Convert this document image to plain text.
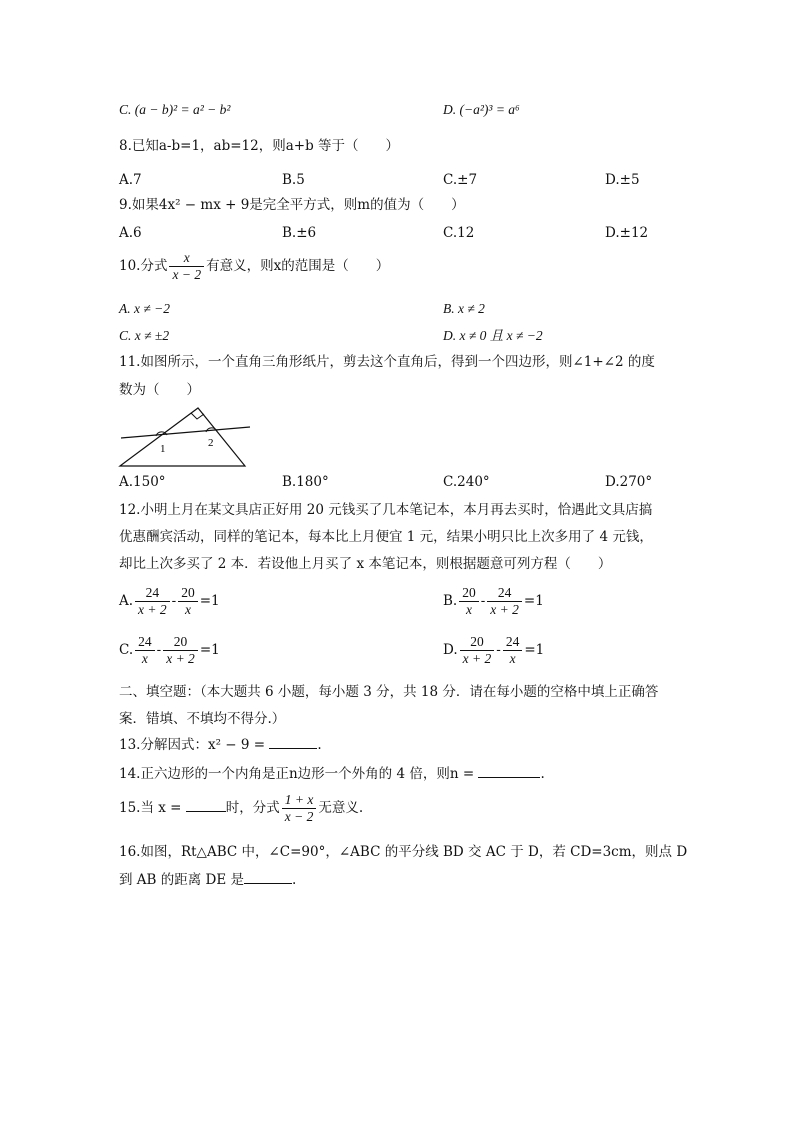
C. (a − b)² = a² − b²	D. (−a²)³ = a⁶
8.已知a-b=1，ab=12，则a+b 等于（　　）
A.7	B.5	C.±7	D.±5
9.如果4x² − mx + 9是完全平方式，则m的值为（　　）
A.6	B.±6	C.12	D.±12
10.分式 $\frac{x}{x - 2}$ 有意义，则x的范围是（　　）
A. x ≠ −2	B. x ≠ 2
C. x ≠ ±2	D. x ≠ 0 且 x ≠ −2
11.如图所示，一个直角三角形纸片，剪去这个直角后，得到一个四边形，则∠1+∠2 的度
数为（　　）
1	2
A.150°	B.180°	C.240°	D.270°
12.小明上月在某文具店正好用 20 元钱买了几本笔记本，本月再去买时，恰遇此文具店搞
优惠酬宾活动，同样的笔记本，每本比上月便宜 1 元，结果小明只比上次多用了 4 元钱，
却比上次多买了 2 本．若设他上月买了 x 本笔记本，则根据题意可列方程（　　）
A. $\frac{24}{x + 2} - \frac{20}{x} =1$	B. $\frac{20}{x} - \frac{24}{x + 2} =1$
C. $\frac{24}{x} - \frac{20}{x + 2} =1$	D. $\frac{20}{x + 2} - \frac{24}{x} =1$
二、填空题：（本大题共 6 小题，每小题 3 分，共 18 分．请在每小题的空格中填上正确答
案．错填、不填均不得分.）
13.分解因式：x² − 9 =	.
14.正六边形的一个内角是正n边形一个外角的 4 倍，则n =	.
15.当 x =	时，分式 $\frac{1 + x}{x - 2}$ 无意义.
16.如图，Rt△ABC 中，∠C=90°，∠ABC 的平分线 BD 交 AC 于 D，若 CD=3cm，则点 D
到 AB 的距离 DE 是	.
